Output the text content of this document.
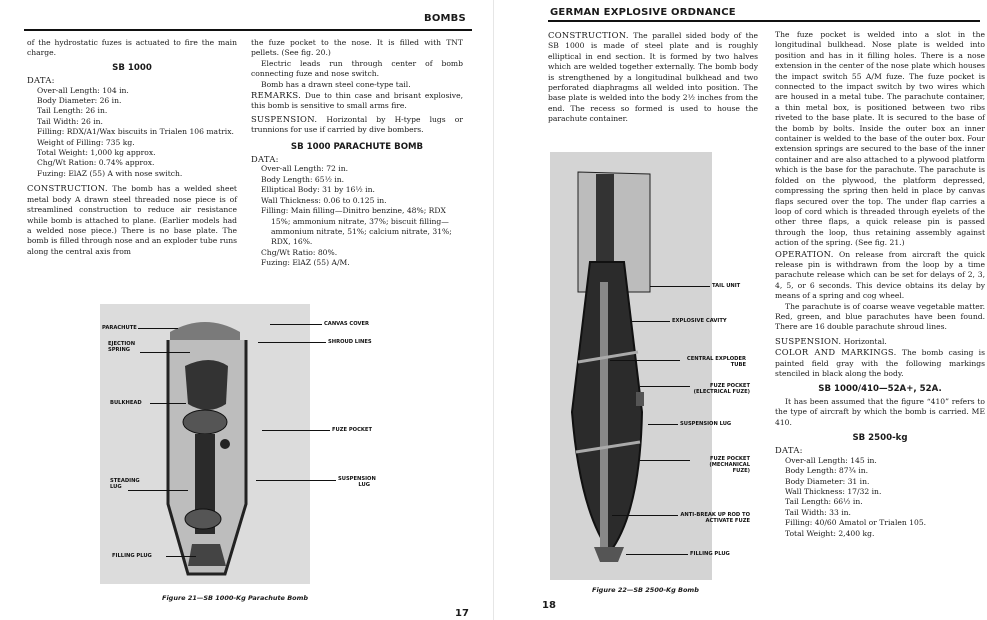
BOMBS

of the hydrostatic fuzes is actuated to fire the main charge.

SB 1000
DATA:
Over-all Length: 104 in.
Body Diameter: 26 in.
Tail Length: 26 in.
Tail Width: 26 in.
Filling: RDX/A1/Wax biscuits in Trialen 106 matrix.
Weight of Filling: 735 kg.
Total Weight: 1,000 kg approx.
Chg/Wt Ration: 0.74% approx.
Fuzing: ElAZ (55) A with nose switch.

CONSTRUCTION. The bomb has a welded sheet metal body A drawn steel threaded nose piece is of streamlined construction to reduce air resistance while bomb is attached to plane. (Earlier models had a welded nose piece.) There is no base plate. The bomb is filled through nose and an exploder tube runs along the central axis from

the fuze pocket to the nose. It is filled with TNT pellets. (See fig. 20.)

Electric leads run through center of bomb connecting fuze and nose switch.

Bomb has a drawn steel cone-type tail.

REMARKS. Due to thin case and brisant explosive, this bomb is sensitive to small arms fire.

SUSPENSION. Horizontal by H-type lugs or trunnions for use if carried by dive bombers.

SB 1000 PARACHUTE BOMB
DATA:
Over-all Length: 72 in.
Body Length: 65½ in.
Elliptical Body: 31 by 16½ in.
Wall Thickness: 0.06 to 0.125 in.
Filling: Main filling—Dinitro benzine, 48%; RDX 15%; ammonium nitrate, 37%; biscuit filling—ammonium nitrate, 51%; calcium nitrate, 31%; RDX, 16%.
Chg/Wt Ratio: 80%.
Fuzing: ElAZ (55) A/M.
PARACHUTE
EJECTION SPRING
BULKHEAD
STEADING LUG
FILLING PLUG
CANVAS COVER
SHROUD LINES
FUZE POCKET
SUSPENSION LUG
Figure 21—SB 1000-Kg Parachute Bomb
17
GERMAN EXPLOSIVE ORDNANCE

CONSTRUCTION. The parallel sided body of the SB 1000 is made of steel plate and is roughly elliptical in end section. It is formed by two halves which are welded together externally. The bomb body is strengthened by a longitudinal bulkhead and two perforated diaphragms all welded into position. The base plate is welded into the body 2½ inches from the end. The recess so formed is used to house the parachute container.

The fuze pocket is welded into a slot in the longitudinal bulkhead. Nose plate is welded into position and has in it filling holes. There is a nose extension in the center of the nose plate which houses the impact switch 55 A/M fuze. The fuze pocket is connected to the impact switch by two wires which are housed in a metal tube. The parachute container, a thin metal box, is positioned between two ribs riveted to the base plate. It is secured to the base of the bomb by bolts. Inside the outer box an inner container is welded to the base of the outer box. Four extension springs are secured to the base of the inner container and are also attached to a plywood platform which is the base for the parachute. The parachute is folded on the plywood, the platform depressed, compressing the spring then held in place by canvas flaps secured over the top. The under flap carries a loop of cord which is threaded through eyelets of the other three flaps, a quick release pin is passed through the loop, thus retaining assembly against action of the spring. (See fig. 21.)

OPERATION. On release from aircraft the quick release pin is withdrawn from the loop by a time parachute release which can be set for delays of 2, 3, 4, 5, or 6 seconds. This device obtains its delay by means of a spring and cog wheel.

The parachute is of coarse weave vegetable matter. Red, green, and blue parachutes have been found. There are 16 double parachute shroud lines.

SUSPENSION. Horizontal.

COLOR AND MARKINGS. The bomb casing is painted field gray with the following markings stenciled in black along the body.

SB 1000/410—52A+, 52A.

It has been assumed that the figure “410” refers to the type of aircraft by which the bomb is carried. ME 410.

SB 2500-kg
DATA:
Over-all Length: 145 in.
Body Length: 87¾ in.
Body Diameter: 31 in.
Wall Thickness: 17/32 in.
Tail Length: 66½ in.
Tail Width: 33 in.
Filling: 40/60 Amatol or Trialen 105.
Total Weight: 2,400 kg.
TAIL UNIT
EXPLOSIVE CAVITY
CENTRAL EXPLODER TUBE
FUZE POCKET (ELECTRICAL FUZE)
SUSPENSION LUG
FUZE POCKET (MECHANICAL FUZE)
ANTI-BREAK UP ROD TO ACTIVATE FUZE
FILLING PLUG
Figure 22—SB 2500-Kg Bomb
18
